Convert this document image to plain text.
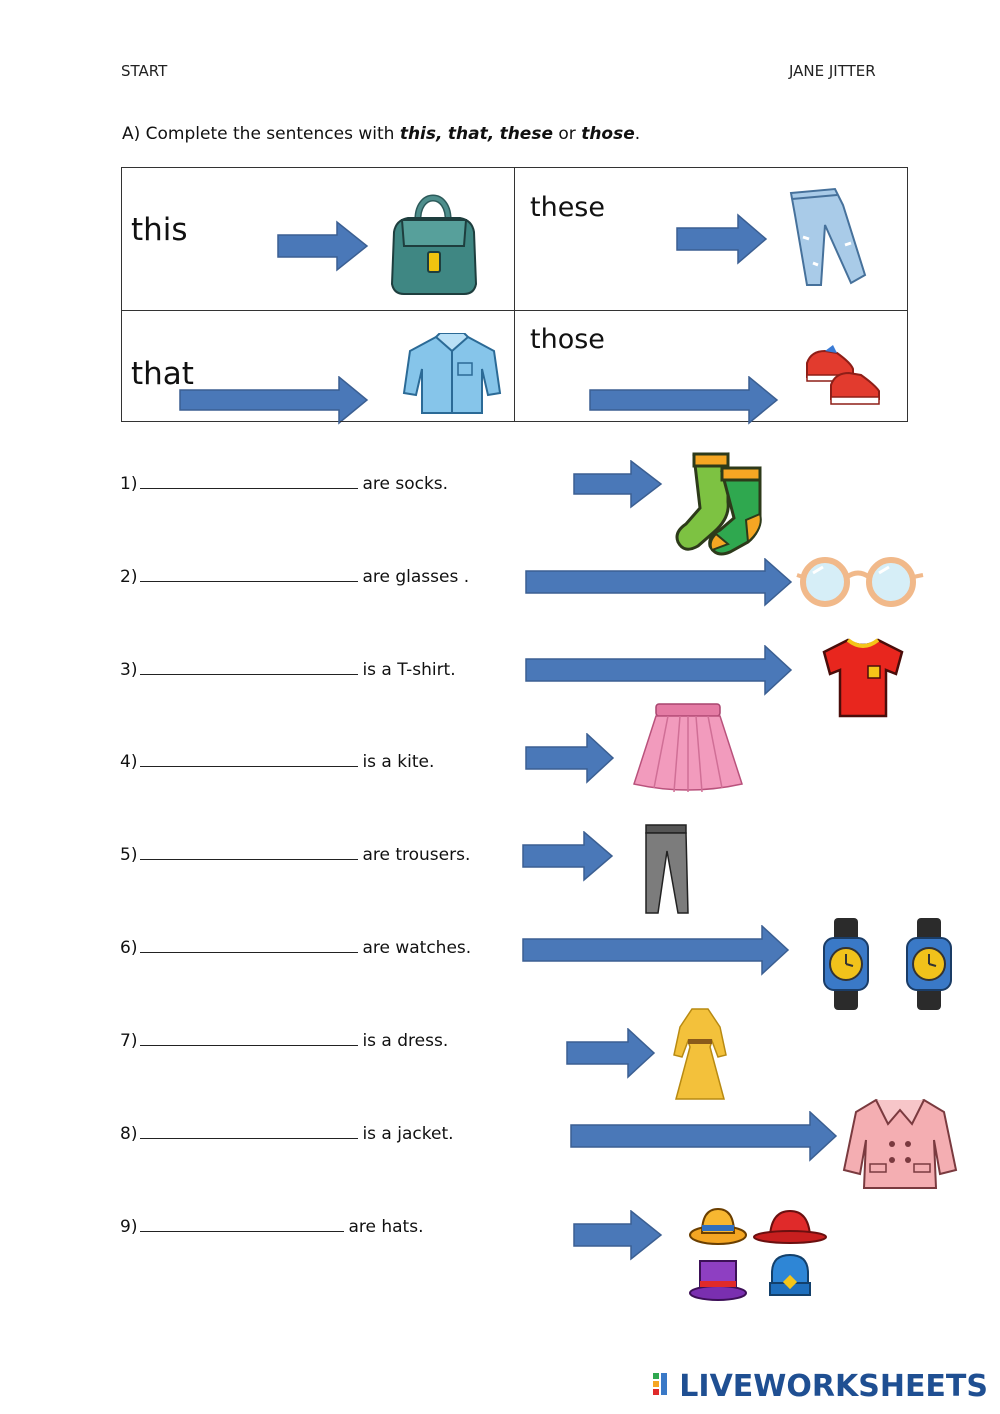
START	JANE JITTER
A) Complete the sentences with this, that, these or those.
this
these
that
those
1)	are socks.
2)	are glasses .
3)	is a T-shirt.
4)	is a kite.
5)	are trousers.
6)	are watches.
7)	is a dress.
8)	is a jacket.
9)	are hats.
LIVEWORKSHEETS
